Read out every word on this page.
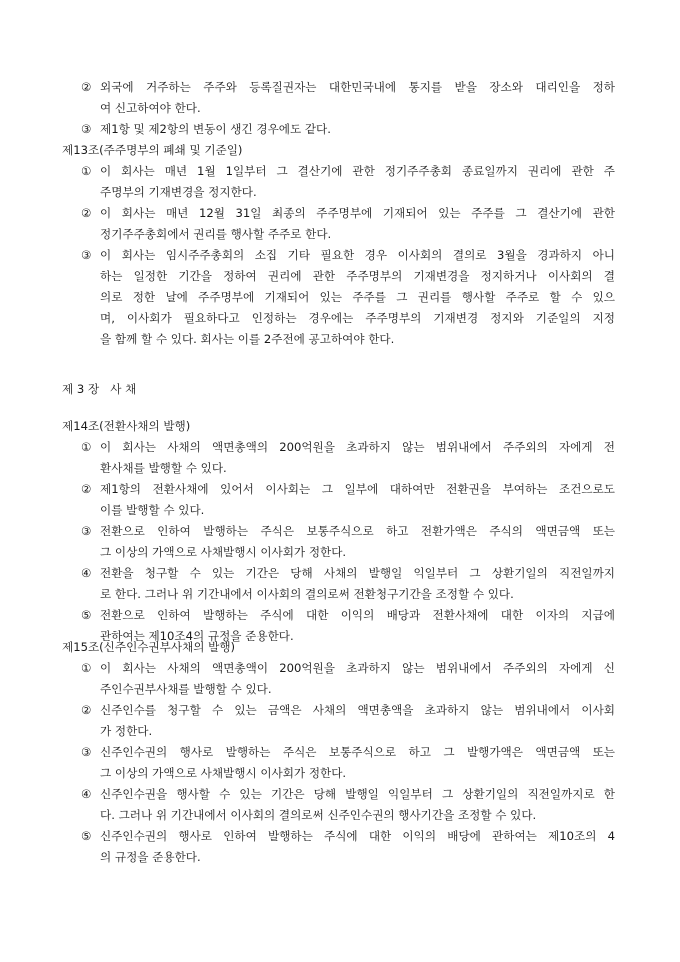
② 외국에 거주하는 주주와 등록질권자는 대한민국내에 통지를 받을 장소와 대리인을 정하
여 신고하여야 한다.
③ 제1항 및 제2항의 변동이 생긴 경우에도 같다.
제13조(주주명부의 폐쇄 및 기준일)
① 이 회사는 매년 1월 1일부터 그 결산기에 관한 정기주주총회 종료일까지 권리에 관한 주
주명부의 기재변경을 정지한다.
② 이 회사는 매년 12월 31일 최종의 주주명부에 기재되어 있는 주주를 그 결산기에 관한
정기주주총회에서 권리를 행사할 주주로 한다.
③ 이 회사는 임시주주총회의 소집 기타 필요한 경우 이사회의 결의로 3월을 경과하지 아니
하는 일정한 기간을 정하여 권리에 관한 주주명부의 기재변경을 정지하거나 이사회의 결
의로 정한 날에 주주명부에 기재되어 있는 주주를 그 권리를 행사할 주주로 할 수 있으
며, 이사회가 필요하다고 인정하는 경우에는 주주명부의 기재변경 정지와 기준일의 지정
을 함께 할 수 있다. 회사는 이를 2주전에 공고하여야 한다.
제 3 장   사 채
제14조(전환사채의 발행)
① 이 회사는 사채의 액면총액의 200억원을 초과하지 않는 범위내에서 주주외의 자에게 전
환사채를 발행할 수 있다.
② 제1항의 전환사채에 있어서 이사회는 그 일부에 대하여만 전환권을 부여하는 조건으로도
이를 발행할 수 있다.
③ 전환으로 인하여 발행하는 주식은 보통주식으로 하고 전환가액은 주식의 액면금액 또는
그 이상의 가액으로 사채발행시 이사회가 정한다.
④ 전환을 청구할 수 있는 기간은 당해 사채의 발행일 익일부터 그 상환기일의 직전일까지
로 한다. 그러나 위 기간내에서 이사회의 결의로써 전환청구기간을 조정할 수 있다.
⑤ 전환으로 인하여 발행하는 주식에 대한 이익의 배당과 전환사채에 대한 이자의 지급에
관하여는 제10조4의 규정을 준용한다.
제15조(신주인수권부사채의 발행)
① 이 회사는 사채의 액면총액이 200억원을 초과하지 않는 범위내에서 주주외의 자에게 신
주인수권부사채를 발행할 수 있다.
② 신주인수를 청구할 수 있는 금액은 사채의 액면총액을 초과하지 않는 범위내에서 이사회
가 정한다.
③ 신주인수권의 행사로 발행하는 주식은 보통주식으로 하고 그 발행가액은 액면금액 또는
그 이상의 가액으로 사채발행시 이사회가 정한다.
④ 신주인수권을 행사할 수 있는 기간은 당해 발행일 익일부터 그 상환기일의 직전일까지로 한
다. 그러나 위 기간내에서 이사회의 결의로써 신주인수권의 행사기간을 조정할 수 있다.
⑤ 신주인수권의 행사로 인하여 발행하는 주식에 대한 이익의 배당에 관하여는 제10조의 4
의 규정을 준용한다.
